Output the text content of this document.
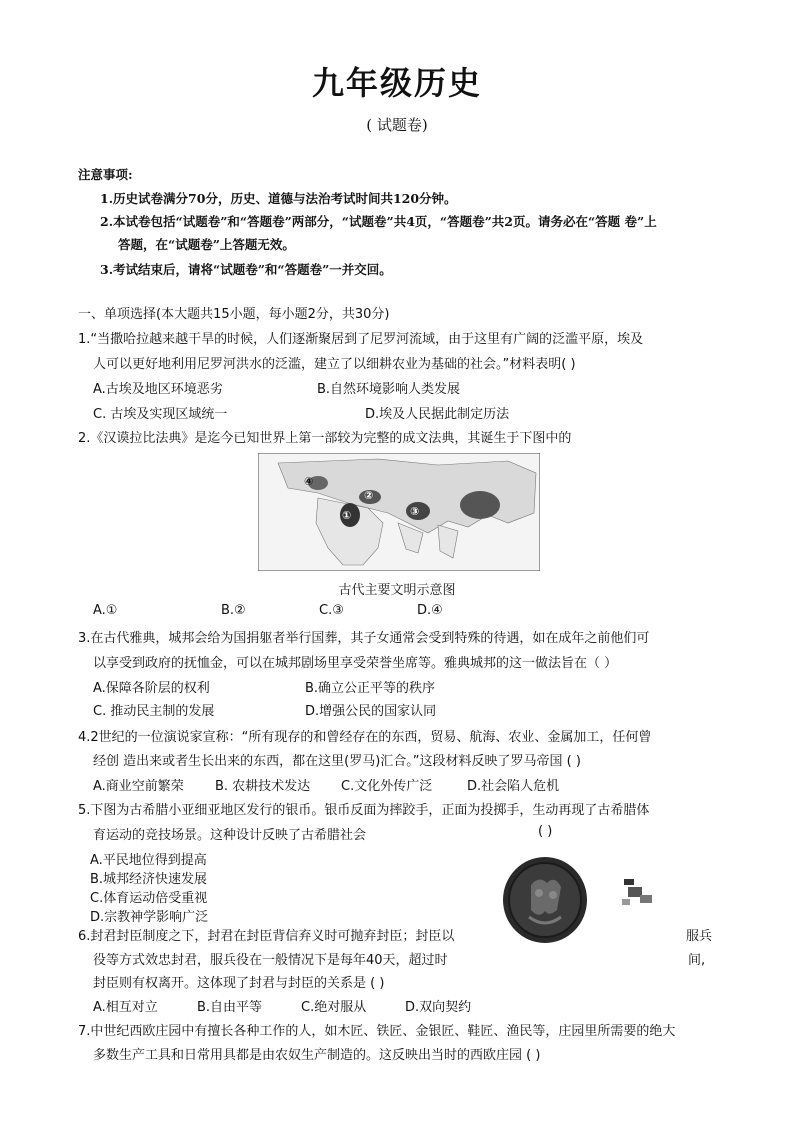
九年级历史
( 试题卷)
注意事项:
1.历史试卷满分70分，历史、道德与法治考试时间共120分钟。
2.本试卷包括“试题卷”和“答题卷”两部分，“试题卷”共4页，“答题卷”共2页。请务必在“答题 卷”上
答题，在“试题卷”上答题无效。
3.考试结束后，请将“试题卷”和“答题卷”一并交回。
一、单项选择(本大题共15小题，每小题2分，共30分)
1.“当撒哈拉越来越干旱的时候，人们逐渐聚居到了尼罗河流域，由于这里有广阔的泛滥平原，埃及
人可以更好地利用尼罗河洪水的泛滥，建立了以细耕农业为基础的社会。”材料表明( )
A.古埃及地区环境恶劣	B.自然环境影响人类发展
C. 古埃及实现区域统一	D.埃及人民据此制定历法
2.《汉谟拉比法典》是迄今已知世界上第一部较为完整的成文法典，其诞生于下图中的
④
②
①	③
古代主要文明示意图
A.①	B.②	C.③	D.④
3.在古代雅典，城邦会给为国捐躯者举行国葬，其子女通常会受到特殊的待遇，如在成年之前他们可
以享受到政府的抚恤金，可以在城邦剧场里享受荣誉坐席等。雅典城邦的这一做法旨在（ ）
A.保障各阶层的权利	B.确立公正平等的秩序
C. 推动民主制的发展	D.增强公民的国家认同
4.2世纪的一位演说家宣称：“所有现存的和曾经存在的东西，贸易、航海、农业、金属加工，任何曾
经创 造出来或者生长出来的东西，都在这里(罗马)汇合。”这段材料反映了罗马帝国 ( )
A.商业空前繁荣 B. 农耕技术发达 C.文化外传广泛	D.社会陷人危机
5.下图为古希腊小亚细亚地区发行的银币。银币反面为摔跤手，正面为投掷手，生动再现了古希腊体
育运动的竞技场景。这种设计反映了古希腊社会	( )
A.平民地位得到提高
B.城邦经济快速发展
C.体育运动倍受重视
D.宗教神学影响广泛
6.封君封臣制度之下，封君在封臣背信弃义时可抛弃封臣；封臣以	服兵
役等方式效忠封君，服兵役在一般情况下是每年40天，超过时	间,
封臣则有权离开。这体现了封君与封臣的关系是 ( )
A.相互对立	B.自由平等	C.绝对服从	D.双向契约
7.中世纪西欧庄园中有擅长各种工作的人，如木匠、铁匠、金银匠、鞋匠、渔民等，庄园里所需要的绝大
多数生产工具和日常用具都是由农奴生产制造的。这反映出当时的西欧庄园 ( )
